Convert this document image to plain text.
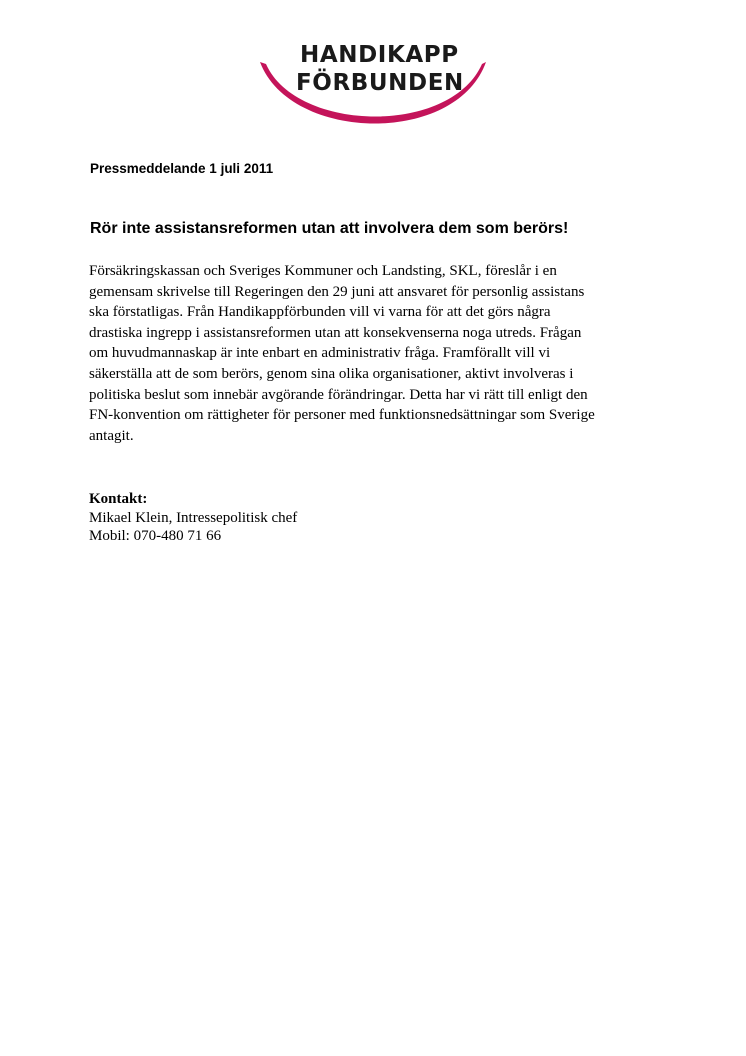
HANDIKAPP
FÖRBUNDEN
Pressmeddelande 1 juli 2011
Rör inte assistansreformen utan att involvera dem som berörs!
Försäkringskassan och Sveriges Kommuner och Landsting, SKL, föreslår i en
gemensam skrivelse till Regeringen den 29 juni att ansvaret för personlig assistans
ska förstatligas. Från Handikappförbunden vill vi varna för att det görs några
drastiska ingrepp i assistansreformen utan att konsekvenserna noga utreds. Frågan
om huvudmannaskap är inte enbart en administrativ fråga. Framförallt vill vi
säkerställa att de som berörs, genom sina olika organisationer, aktivt involveras i
politiska beslut som innebär avgörande förändringar. Detta har vi rätt till enligt den
FN-konvention om rättigheter för personer med funktionsnedsättningar som Sverige
antagit.
Kontakt:
Mikael Klein, Intressepolitisk chef
Mobil: 070-480 71 66
